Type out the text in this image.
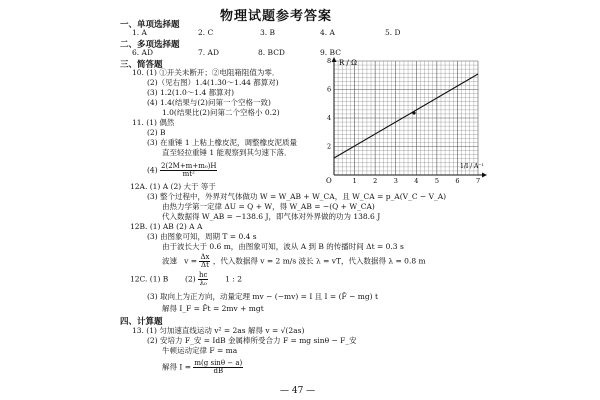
物理试题参考答案
一、单项选择题
1. A	2. C	3. B	4. A	5. D
二、多项选择题
6. AD	7. AD	8. BCD	9. BC
三、简答题
10. (1) ①开关未断开；②电阻箱阻值为零．
(2)（见右图）1.4(1.30～1.44 都算对)
(3) 1.2(1.0～1.4 都算对)
(4) 1.4(结果与(2)问第一个空格一致)
1.0(结果比(2)问第二个空格小 0.2)
11. (1) 偶然
(2) B
(3) 在重锤 1 上粘上橡皮泥，调整橡皮泥质量
直至轻拉重锤 1 能观察到其匀速下落．
$(4) \frac{\text{2(2M+m+m₀)H}}{\text{mt²}}$
12A. (1) A (2) 大于 等于
(3) 整个过程中，外界对气体做功 W = W_AB + W_CA，且 W_CA = p_A(V_C − V_A)
由热力学第一定律 ΔU = Q + W，得 W_AB = −(Q + W_CA)
代入数据得 W_AB = −138.6 J，即气体对外界做的功为 138.6 J
12B. (1) AB (2) A A
(3) 由图象可知，周期 T = 0.4 s
由于波长大于 0.6 m，由图象可知，波从 A 到 B 的传播时间 Δt = 0.3 s
波速 $v = \frac{\Delta x}{\Delta t}$ ，代入数据得 v = 2 m/s 波长 λ = vT，代入数据得 λ = 0.8 m
12C. (1) B $(2) \frac{hc}{\text{λ₀}} 1$ : 2
(3) 取向上为正方向，动量定理 mv − (−mv) = I 且 I = (F̄ − mg) t
解得 I_F = F̄t = 2mv + mgt
四、计算题
13. (1) 匀加速直线运动 v² = 2as 解得 v = √(2as)
(2) 安培力 F_安 = IdB 金属棒所受合力 F = mg sinθ − F_安
牛顿运动定律 F = ma
解得 $I = \frac{\text{m(g sinθ − a)}}{dB}$
— 47 —
1	2	3	4	5	6	7
2
4
6
8 R / Ω
1/I / A⁻¹
O
